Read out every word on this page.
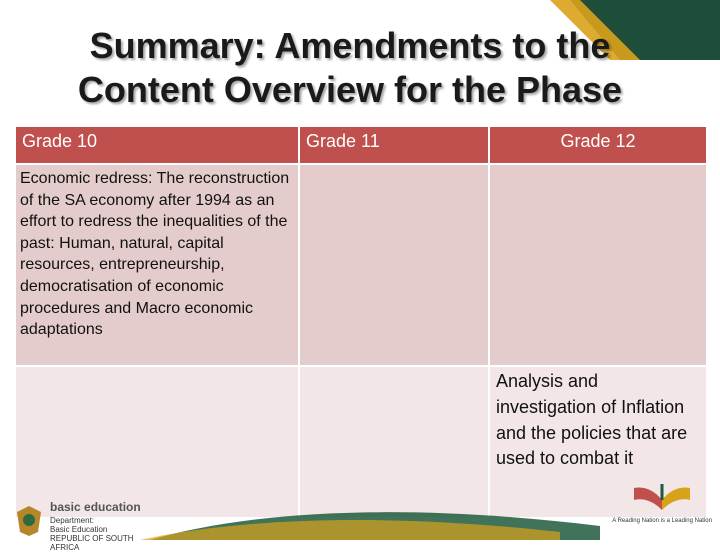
Summary: Amendments to the
Content Overview for the Phase
Grade 10	Grade 11	Grade 12
Economic redress: The reconstruction of the SA economy after 1994 as an effort to redress the inequalities of the past: Human, natural, capital resources, entrepreneurship, democratisation of economic procedures and Macro economic adaptations		
		Analysis and investigation of Inflation and the policies that are used to combat it
basic education
Department:
Basic Education
REPUBLIC OF SOUTH AFRICA
A Reading Nation is a Leading Nation
